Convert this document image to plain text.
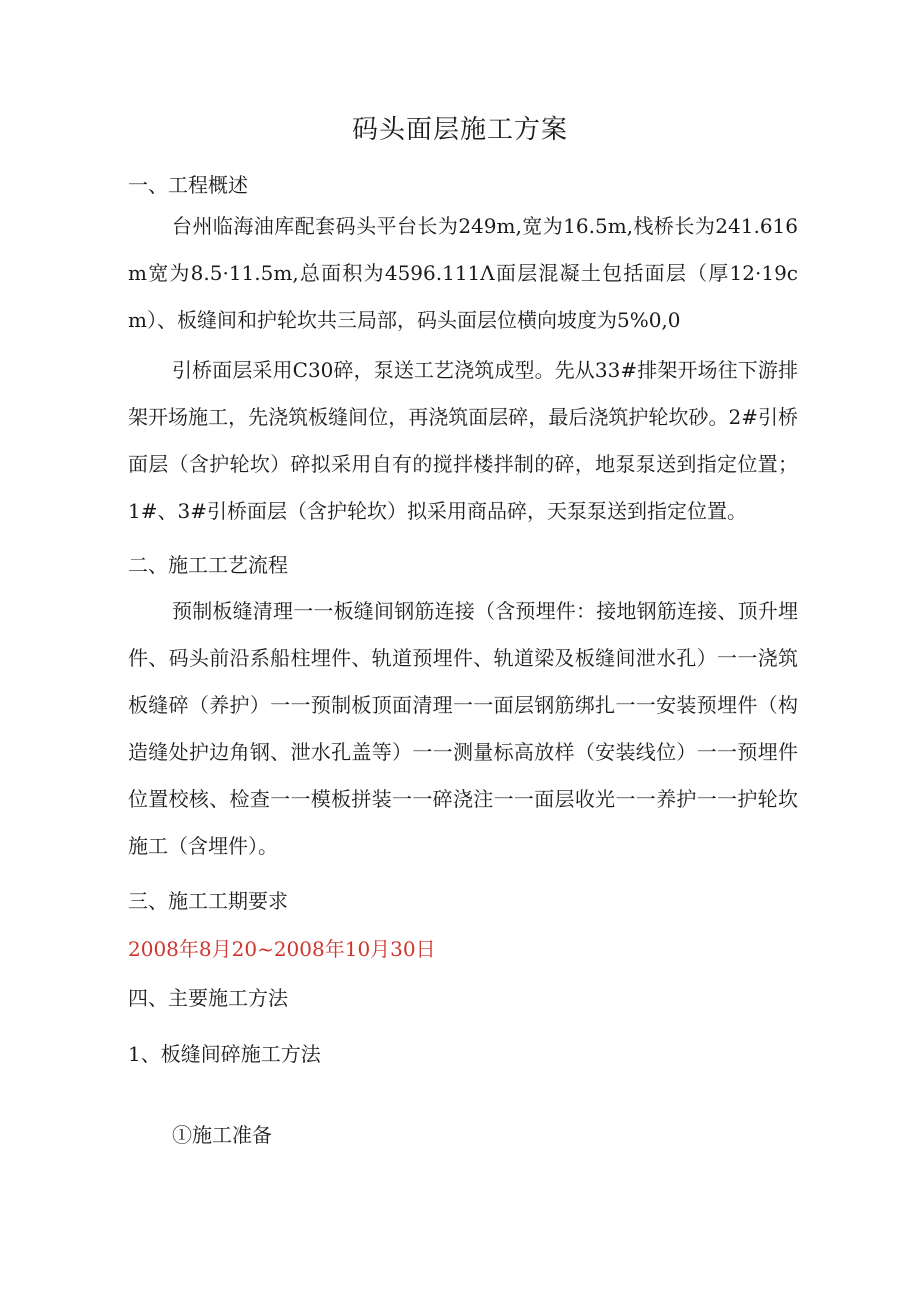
码头面层施工方案
一、工程概述
台州临海油库配套码头平台长为249m,宽为16.5m,栈桥长为241.616m宽为8.5·11.5m,总面积为4596.111Λ面层混凝土包括面层（厚12·19cm）、板缝间和护轮坎共三局部，码头面层位横向坡度为5%0,0
引桥面层采用C30碎，泵送工艺浇筑成型。先从33#排架开场往下游排架开场施工，先浇筑板缝间位，再浇筑面层碎，最后浇筑护轮坎砂。2#引桥面层（含护轮坎）碎拟采用自有的搅拌楼拌制的碎，地泵泵送到指定位置；1#、3#引桥面层（含护轮坎）拟采用商品碎，天泵泵送到指定位置。
二、施工工艺流程
预制板缝清理一一板缝间钢筋连接（含预埋件：接地钢筋连接、顶升埋件、码头前沿系船柱埋件、轨道预埋件、轨道梁及板缝间泄水孔）一一浇筑板缝碎（养护）一一预制板顶面清理一一面层钢筋绑扎一一安装预埋件（构造缝处护边角钢、泄水孔盖等）一一测量标高放样（安装线位）一一预埋件位置校核、检查一一模板拼装一一碎浇注一一面层收光一一养护一一护轮坎施工（含埋件）。
三、施工工期要求
2008年8月20~2008年10月30日
四、主要施工方法
1、板缝间碎施工方法
①施工准备
